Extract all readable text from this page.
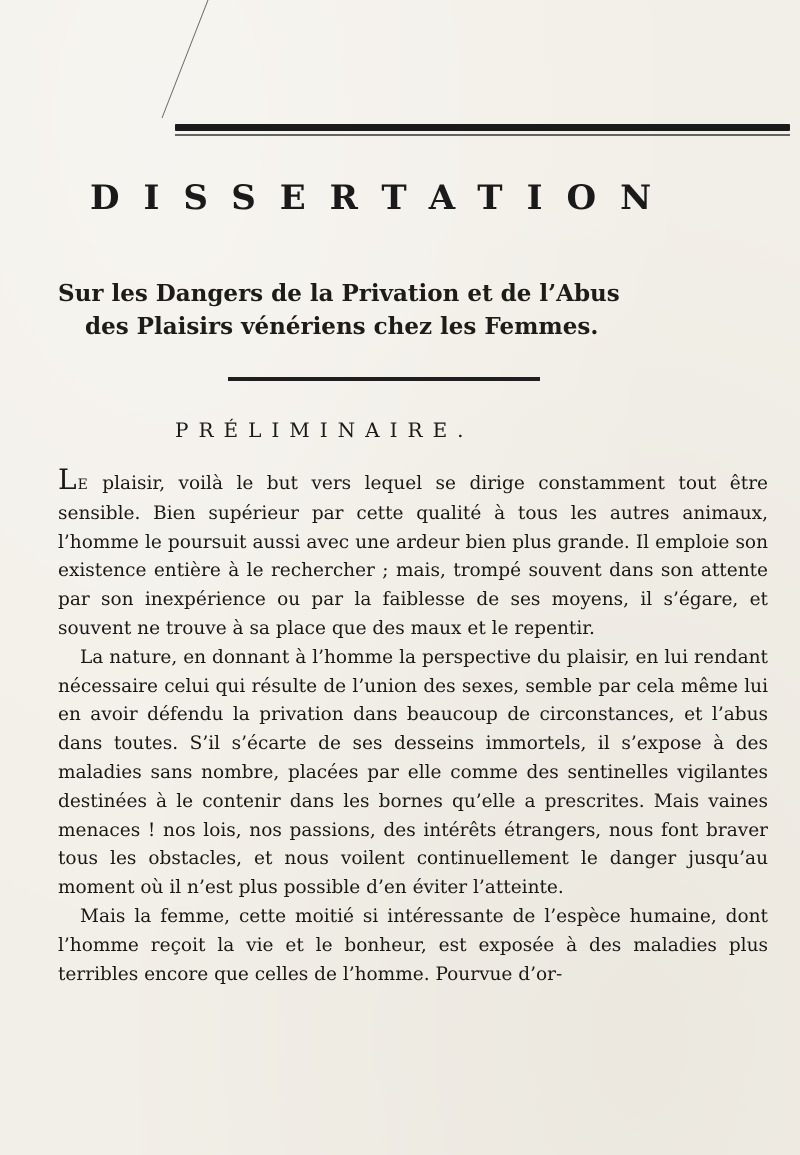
DISSERTATION
Sur les Dangers de la Privation et de l’Abus
des Plaisirs vénériens chez les Femmes.
PRÉLIMINAIRE.

LE plaisir, voilà le but vers lequel se dirige constamment tout être sensible. Bien supérieur par cette qualité à tous les autres animaux, l’homme le poursuit aussi avec une ardeur bien plus grande. Il emploie son existence entière à le rechercher ; mais, trompé souvent dans son attente par son inexpérience ou par la faiblesse de ses moyens, il s’égare, et souvent ne trouve à sa place que des maux et le repentir.

La nature, en donnant à l’homme la perspective du plaisir, en lui rendant nécessaire celui qui résulte de l’union des sexes, semble par cela même lui en avoir défendu la privation dans beaucoup de circonstances, et l’abus dans toutes. S’il s’écarte de ses desseins immortels, il s’expose à des maladies sans nombre, placées par elle comme des sentinelles vigilantes destinées à le contenir dans les bornes qu’elle a prescrites. Mais vaines menaces ! nos lois, nos passions, des intérêts étrangers, nous font braver tous les obstacles, et nous voilent continuellement le danger jusqu’au moment où il n’est plus possible d’en éviter l’atteinte.

Mais la femme, cette moitié si intéressante de l’espèce humaine, dont l’homme reçoit la vie et le bonheur, est exposée à des maladies plus terribles encore que celles de l’homme. Pourvue d’or-
